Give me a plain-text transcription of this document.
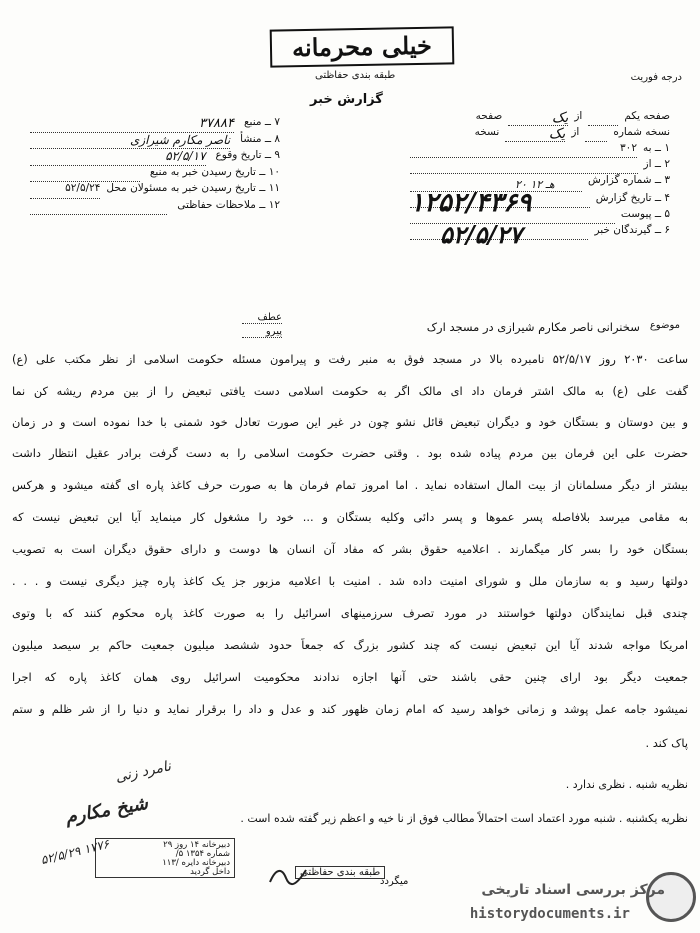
خیلی محرمانه
طبقه بندی حفاظتی
گزارش خبر
درجه فوریت
۷ ــ منبع
۳۷۸۸۴
۸ ــ منشأ
ناصر مکارم شیرازی
۹ ــ تاریخ وقوع
۵۲/۵/۱۷
۱۰ ــ تاریخ رسیدن خبر به منبع
۱۱ ــ تاریخ رسیدن خبر به مسئولان محل
۵۲/۵/۲۴
۱۲ ــ ملاحظات حفاظتی
صفحه یکم
از
یک
صفحه
نسخه شماره
از
یک
نسخه
۱ ــ به
۳۰۲
۲ ــ از
۳ ــ شماره گزارش
۴ ــ تاریخ گزارش
۵ ــ پیوست
۶ ــ گیرندگان خبر
۲۰ هـ ۱۲
۱۲۵۲/۴۳۶۹
۵۲/۵/۲۷
عطف
پیرو
موضوع
سخنرانی ناصر مکارم شیرازی در مسجد ارک
ساعت ۲۰۳۰ روز ۵۲/۵/۱۷ نامبرده بالا در مسجد فوق به منبر رفت و پیرامون مسئله حکومت اسلامی از نظر مکتب علی (ع)
گفت علی (ع) به مالک اشتر فرمان داد ای مالک اگر به حکومت اسلامی دست یافتی تبعیض را از بین مردم ریشه کن نما
و بین دوستان و بستگان خود و دیگران تبعیض قائل نشو چون در غیر این صورت تعادل خود شمنی با خدا نموده است و در زمان
حضرت علی این فرمان بین مردم پیاده شده بود . وقتی حضرت حکومت اسلامی را به دست گرفت برادر عقیل انتظار داشت
بیشتر از دیگر مسلمانان از بیت المال استفاده نماید . اما امروز تمام فرمان ها به صورت حرف کاغذ پاره ای گفته میشود و هرکس
به مقامی میرسد بلافاصله پسر عموها و پسر دائی وکلیه بستگان و ... خود را مشغول کار مینماید آیا این تبعیض نیست که
بستگان خود را بسر کار میگمارند . اعلامیه حقوق بشر که مفاد آن انسان ها دوست و دارای حقوق دیگران است به تصویب
دولتها رسید و به سازمان ملل و شورای امنیت داده شد . امنیت با اعلامیه مزبور جز یک کاغذ پاره چیز دیگری نیست و . . .
چندی قبل نمایندگان دولتها خواستند در مورد تصرف سرزمینهای اسرائیل را به صورت کاغذ پاره محکوم کنند که با وتوی
امریکا مواجه شدند آیا این تبعیض نیست که چند کشور بزرگ که جمعاً حدود ششصد میلیون جمعیت حاکم بر سیصد میلیون
جمعیت دیگر بود ارای چنین حقی باشند حتی آنها اجازه ندادند محکومیت اسرائیل روی همان کاغذ پاره که اجرا
نمیشود جامه عمل پوشد و زمانی خواهد رسید که امام زمان ظهور کند و عدل و داد را برقرار نماید و دنیا را از شر ظلم و ستم
پاک کند .
نظریه شنبه . نظری ندارد .
نظریه یکشنبه . شنبه مورد اعتماد است احتمالاً مطالب فوق از نا خیه و اعظم زیر گفته شده است .
دبیرخانه ۱۴ روز ۲۹
شماره ۱۳۵۴ ۵/
دبیرخانه دایره /۱۱۳
داخل گردید	طبقه بندی حفاظتی
میگردد
نامرد زنی
شیخ مکارم
۵۲/۵/۲۹ ۱۷۷۶
مرکز بررسی اسناد تاریخی
historydocuments.ir
